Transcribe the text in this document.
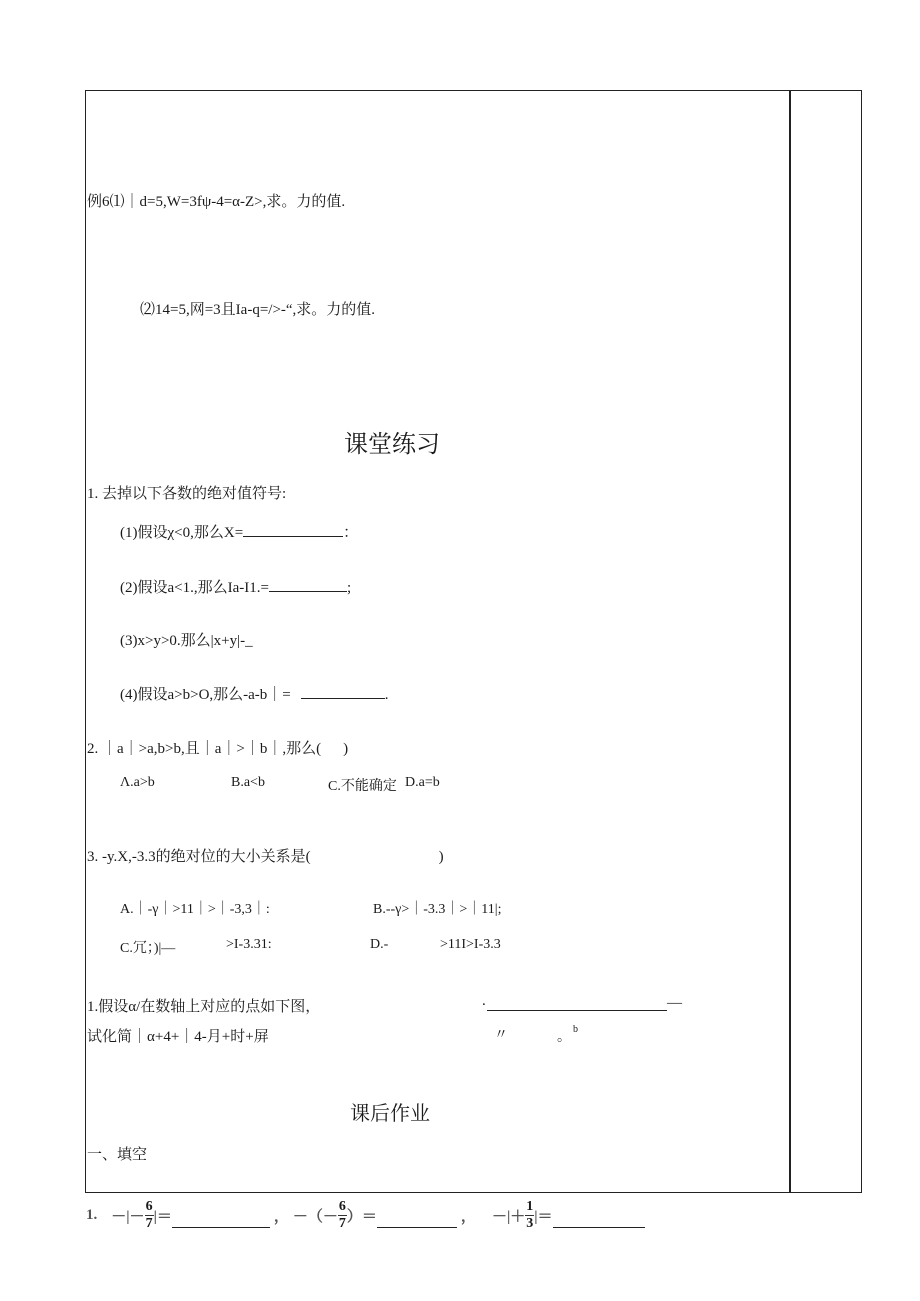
例6⑴｜d=5,W=3fψ-4=α-Z>,求。力的值.
⑵14=5,网=3且Ia-q=/>-“,求。力的值.
课堂练习
1. 去掉以下各数的绝对值符号:
(1)假设χ<0,那么X=	：
(2)假设a<1.,那么Ia-I1.=	;
(3)x>y>0.那么|x+y|-_
(4)假设a>b>O,那么-a-b｜=	.
2. ｜a｜>a,b>b,且｜a｜>｜b｜,那么( )
Λ.a>b	B.a<b	C.不能确定 D.a=b
3. -y.X,-3.3的绝对位的大小关系是(	)
A.｜-γ｜>11｜>｜-3,3｜:	B.--γ>｜-3.3｜>｜11|;
C.冗；)|—	>I-3.31:	D.-	>11I>I-3.3
1.假设α/在数轴上对应的点如下图，
试化简｜α+4+｜4-月+时+屏
.	—
〃	。
b
课后作业
一、填空
1. －|－ $\frac{6}{7}$ |＝	， －（－ $\frac{6}{7}$ ）＝	， －|＋ $\frac{1}{3}$ |＝
